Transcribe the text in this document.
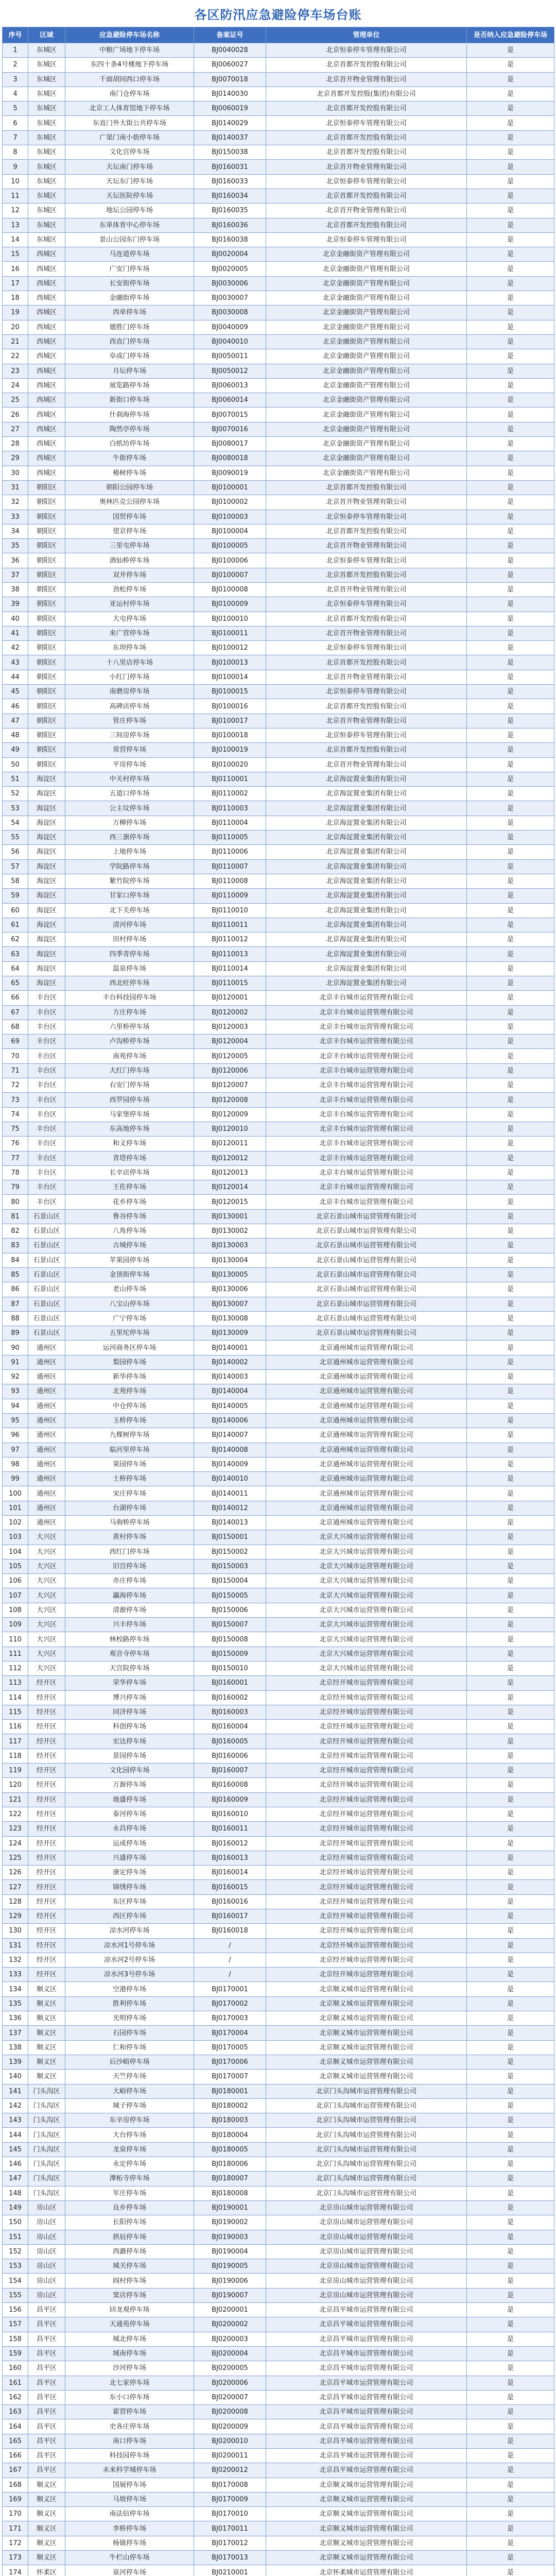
各区防汛应急避险停车场台账
序号	区域	应急避险停车场名称	备案证号	管理单位	是否纳入应急避险停车场
1	东城区	中粮广场地下停车场	BJ0040028	北京恒泰停车管理有限公司	是
2	东城区	东四十条4号楼地下停车场	BJ0060027	北京首都开发控股有限公司	是
3	东城区	千面胡同西口停车场	BJ0070018	北京首开物业管理有限公司	是
4	东城区	南门仓停车场	BJ0140030	北京首都开发控股(集团)有限公司	是
5	东城区	北京工人体育馆地下停车场	BJ0060019	北京首都开发控股有限公司	是
6	东城区	东直门外大街公共停车场	BJ0140029	北京恒泰停车管理有限公司	是
7	东城区	广渠门南小街停车场	BJ0140037	北京首都开发控股有限公司	是
8	东城区	文化宫停车场	BJ0150038	北京首都开发控股有限公司	是
9	东城区	天坛南门停车场	BJ0160031	北京首开物业管理有限公司	是
10	东城区	天坛东门停车场	BJ0160033	北京恒泰停车管理有限公司	是
11	东城区	天坛医院停车场	BJ0160034	北京首都开发控股有限公司	是
12	东城区	地坛公园停车场	BJ0160035	北京首开物业管理有限公司	是
13	东城区	东单体育中心停车场	BJ0160036	北京首都开发控股有限公司	是
14	东城区	景山公园东门停车场	BJ0160038	北京恒泰停车管理有限公司	是
15	西城区	马连道停车场	BJ0020004	北京金融街资产管理有限公司	是
16	西城区	广安门停车场	BJ0020005	北京金融街资产管理有限公司	是
17	西城区	长安街停车场	BJ0030006	北京金融街资产管理有限公司	是
18	西城区	金融街停车场	BJ0030007	北京金融街资产管理有限公司	是
19	西城区	西单停车场	BJ0030008	北京金融街资产管理有限公司	是
20	西城区	德胜门停车场	BJ0040009	北京金融街资产管理有限公司	是
21	西城区	西直门停车场	BJ0040010	北京金融街资产管理有限公司	是
22	西城区	阜成门停车场	BJ0050011	北京金融街资产管理有限公司	是
23	西城区	月坛停车场	BJ0050012	北京金融街资产管理有限公司	是
24	西城区	展览路停车场	BJ0060013	北京金融街资产管理有限公司	是
25	西城区	新街口停车场	BJ0060014	北京金融街资产管理有限公司	是
26	西城区	什刹海停车场	BJ0070015	北京金融街资产管理有限公司	是
27	西城区	陶然亭停车场	BJ0070016	北京金融街资产管理有限公司	是
28	西城区	白纸坊停车场	BJ0080017	北京金融街资产管理有限公司	是
29	西城区	牛街停车场	BJ0080018	北京金融街资产管理有限公司	是
30	西城区	椿树停车场	BJ0090019	北京金融街资产管理有限公司	是
31	朝阳区	朝阳公园停车场	BJ0100001	北京首都开发控股有限公司	是
32	朝阳区	奥林匹克公园停车场	BJ0100002	北京首开物业管理有限公司	是
33	朝阳区	国贸停车场	BJ0100003	北京恒泰停车管理有限公司	是
34	朝阳区	望京停车场	BJ0100004	北京首都开发控股有限公司	是
35	朝阳区	三里屯停车场	BJ0100005	北京首开物业管理有限公司	是
36	朝阳区	酒仙桥停车场	BJ0100006	北京恒泰停车管理有限公司	是
37	朝阳区	双井停车场	BJ0100007	北京首都开发控股有限公司	是
38	朝阳区	劲松停车场	BJ0100008	北京首开物业管理有限公司	是
39	朝阳区	亚运村停车场	BJ0100009	北京恒泰停车管理有限公司	是
40	朝阳区	大屯停车场	BJ0100010	北京首都开发控股有限公司	是
41	朝阳区	来广营停车场	BJ0100011	北京首开物业管理有限公司	是
42	朝阳区	东坝停车场	BJ0100012	北京恒泰停车管理有限公司	是
43	朝阳区	十八里店停车场	BJ0100013	北京首都开发控股有限公司	是
44	朝阳区	小红门停车场	BJ0100014	北京首开物业管理有限公司	是
45	朝阳区	南磨房停车场	BJ0100015	北京恒泰停车管理有限公司	是
46	朝阳区	高碑店停车场	BJ0100016	北京首都开发控股有限公司	是
47	朝阳区	管庄停车场	BJ0100017	北京首开物业管理有限公司	是
48	朝阳区	三间房停车场	BJ0100018	北京恒泰停车管理有限公司	是
49	朝阳区	常营停车场	BJ0100019	北京首都开发控股有限公司	是
50	朝阳区	平房停车场	BJ0100020	北京首开物业管理有限公司	是
51	海淀区	中关村停车场	BJ0110001	北京海淀置业集团有限公司	是
52	海淀区	五道口停车场	BJ0110002	北京海淀置业集团有限公司	是
53	海淀区	公主坟停车场	BJ0110003	北京海淀置业集团有限公司	是
54	海淀区	万柳停车场	BJ0110004	北京海淀置业集团有限公司	是
55	海淀区	西三旗停车场	BJ0110005	北京海淀置业集团有限公司	是
56	海淀区	上地停车场	BJ0110006	北京海淀置业集团有限公司	是
57	海淀区	学院路停车场	BJ0110007	北京海淀置业集团有限公司	是
58	海淀区	紫竹院停车场	BJ0110008	北京海淀置业集团有限公司	是
59	海淀区	甘家口停车场	BJ0110009	北京海淀置业集团有限公司	是
60	海淀区	北下关停车场	BJ0110010	北京海淀置业集团有限公司	是
61	海淀区	清河停车场	BJ0110011	北京海淀置业集团有限公司	是
62	海淀区	田村停车场	BJ0110012	北京海淀置业集团有限公司	是
63	海淀区	四季青停车场	BJ0110013	北京海淀置业集团有限公司	是
64	海淀区	温泉停车场	BJ0110014	北京海淀置业集团有限公司	是
65	海淀区	西北旺停车场	BJ0110015	北京海淀置业集团有限公司	是
66	丰台区	丰台科技园停车场	BJ0120001	北京丰台城市运营管理有限公司	是
67	丰台区	方庄停车场	BJ0120002	北京丰台城市运营管理有限公司	是
68	丰台区	六里桥停车场	BJ0120003	北京丰台城市运营管理有限公司	是
69	丰台区	卢沟桥停车场	BJ0120004	北京丰台城市运营管理有限公司	是
70	丰台区	南苑停车场	BJ0120005	北京丰台城市运营管理有限公司	是
71	丰台区	大红门停车场	BJ0120006	北京丰台城市运营管理有限公司	是
72	丰台区	右安门停车场	BJ0120007	北京丰台城市运营管理有限公司	是
73	丰台区	西罗园停车场	BJ0120008	北京丰台城市运营管理有限公司	是
74	丰台区	马家堡停车场	BJ0120009	北京丰台城市运营管理有限公司	是
75	丰台区	东高地停车场	BJ0120010	北京丰台城市运营管理有限公司	是
76	丰台区	和义停车场	BJ0120011	北京丰台城市运营管理有限公司	是
77	丰台区	青塔停车场	BJ0120012	北京丰台城市运营管理有限公司	是
78	丰台区	长辛店停车场	BJ0120013	北京丰台城市运营管理有限公司	是
79	丰台区	王佐停车场	BJ0120014	北京丰台城市运营管理有限公司	是
80	丰台区	花乡停车场	BJ0120015	北京丰台城市运营管理有限公司	是
81	石景山区	鲁谷停车场	BJ0130001	北京石景山城市运营管理有限公司	是
82	石景山区	八角停车场	BJ0130002	北京石景山城市运营管理有限公司	是
83	石景山区	古城停车场	BJ0130003	北京石景山城市运营管理有限公司	是
84	石景山区	苹果园停车场	BJ0130004	北京石景山城市运营管理有限公司	是
85	石景山区	金顶街停车场	BJ0130005	北京石景山城市运营管理有限公司	是
86	石景山区	老山停车场	BJ0130006	北京石景山城市运营管理有限公司	是
87	石景山区	八宝山停车场	BJ0130007	北京石景山城市运营管理有限公司	是
88	石景山区	广宁停车场	BJ0130008	北京石景山城市运营管理有限公司	是
89	石景山区	五里坨停车场	BJ0130009	北京石景山城市运营管理有限公司	是
90	通州区	运河商务区停车场	BJ0140001	北京通州城市运营管理有限公司	是
91	通州区	梨园停车场	BJ0140002	北京通州城市运营管理有限公司	是
92	通州区	新华停车场	BJ0140003	北京通州城市运营管理有限公司	是
93	通州区	北苑停车场	BJ0140004	北京通州城市运营管理有限公司	是
94	通州区	中仓停车场	BJ0140005	北京通州城市运营管理有限公司	是
95	通州区	玉桥停车场	BJ0140006	北京通州城市运营管理有限公司	是
96	通州区	九棵树停车场	BJ0140007	北京通州城市运营管理有限公司	是
97	通州区	临河里停车场	BJ0140008	北京通州城市运营管理有限公司	是
98	通州区	果园停车场	BJ0140009	北京通州城市运营管理有限公司	是
99	通州区	土桥停车场	BJ0140010	北京通州城市运营管理有限公司	是
100	通州区	宋庄停车场	BJ0140011	北京通州城市运营管理有限公司	是
101	通州区	台湖停车场	BJ0140012	北京通州城市运营管理有限公司	是
102	通州区	马驹桥停车场	BJ0140013	北京通州城市运营管理有限公司	是
103	大兴区	黄村停车场	BJ0150001	北京大兴城市运营管理有限公司	是
104	大兴区	西红门停车场	BJ0150002	北京大兴城市运营管理有限公司	是
105	大兴区	旧宫停车场	BJ0150003	北京大兴城市运营管理有限公司	是
106	大兴区	亦庄停车场	BJ0150004	北京大兴城市运营管理有限公司	是
107	大兴区	瀛海停车场	BJ0150005	北京大兴城市运营管理有限公司	是
108	大兴区	清源停车场	BJ0150006	北京大兴城市运营管理有限公司	是
109	大兴区	兴丰停车场	BJ0150007	北京大兴城市运营管理有限公司	是
110	大兴区	林校路停车场	BJ0150008	北京大兴城市运营管理有限公司	是
111	大兴区	观音寺停车场	BJ0150009	北京大兴城市运营管理有限公司	是
112	大兴区	天宫院停车场	BJ0150010	北京大兴城市运营管理有限公司	是
113	经开区	荣华停车场	BJ0160001	北京经开城市运营管理有限公司	是
114	经开区	博兴停车场	BJ0160002	北京经开城市运营管理有限公司	是
115	经开区	同济停车场	BJ0160003	北京经开城市运营管理有限公司	是
116	经开区	科创停车场	BJ0160004	北京经开城市运营管理有限公司	是
117	经开区	宏达停车场	BJ0160005	北京经开城市运营管理有限公司	是
118	经开区	景园停车场	BJ0160006	北京经开城市运营管理有限公司	是
119	经开区	文化园停车场	BJ0160007	北京经开城市运营管理有限公司	是
120	经开区	万源停车场	BJ0160008	北京经开城市运营管理有限公司	是
121	经开区	地盛停车场	BJ0160009	北京经开城市运营管理有限公司	是
122	经开区	泰河停车场	BJ0160010	北京经开城市运营管理有限公司	是
123	经开区	永昌停车场	BJ0160011	北京经开城市运营管理有限公司	是
124	经开区	运成停车场	BJ0160012	北京经开城市运营管理有限公司	是
125	经开区	兴盛停车场	BJ0160013	北京经开城市运营管理有限公司	是
126	经开区	康定停车场	BJ0160014	北京经开城市运营管理有限公司	是
127	经开区	锦绣停车场	BJ0160015	北京经开城市运营管理有限公司	是
128	经开区	东区停车场	BJ0160016	北京经开城市运营管理有限公司	是
129	经开区	西区停车场	BJ0160017	北京经开城市运营管理有限公司	是
130	经开区	凉水河停车场	BJ0160018	北京经开城市运营管理有限公司	是
131	经开区	凉水河1号停车场	/	北京经开城市运营管理有限公司	是
132	经开区	凉水河2号停车场	/	北京经开城市运营管理有限公司	是
133	经开区	凉水河3号停车场	/	北京经开城市运营管理有限公司	是
134	顺义区	空港停车场	BJ0170001	北京顺义城市运营管理有限公司	是
135	顺义区	胜利停车场	BJ0170002	北京顺义城市运营管理有限公司	是
136	顺义区	光明停车场	BJ0170003	北京顺义城市运营管理有限公司	是
137	顺义区	石园停车场	BJ0170004	北京顺义城市运营管理有限公司	是
138	顺义区	仁和停车场	BJ0170005	北京顺义城市运营管理有限公司	是
139	顺义区	后沙峪停车场	BJ0170006	北京顺义城市运营管理有限公司	是
140	顺义区	天竺停车场	BJ0170007	北京顺义城市运营管理有限公司	是
141	门头沟区	大峪停车场	BJ0180001	北京门头沟城市运营管理有限公司	是
142	门头沟区	城子停车场	BJ0180002	北京门头沟城市运营管理有限公司	是
143	门头沟区	东辛房停车场	BJ0180003	北京门头沟城市运营管理有限公司	是
144	门头沟区	大台停车场	BJ0180004	北京门头沟城市运营管理有限公司	是
145	门头沟区	龙泉停车场	BJ0180005	北京门头沟城市运营管理有限公司	是
146	门头沟区	永定停车场	BJ0180006	北京门头沟城市运营管理有限公司	是
147	门头沟区	潭柘寺停车场	BJ0180007	北京门头沟城市运营管理有限公司	是
148	门头沟区	军庄停车场	BJ0180008	北京门头沟城市运营管理有限公司	是
149	房山区	良乡停车场	BJ0190001	北京房山城市运营管理有限公司	是
150	房山区	长阳停车场	BJ0190002	北京房山城市运营管理有限公司	是
151	房山区	拱辰停车场	BJ0190003	北京房山城市运营管理有限公司	是
152	房山区	西潞停车场	BJ0190004	北京房山城市运营管理有限公司	是
153	房山区	城关停车场	BJ0190005	北京房山城市运营管理有限公司	是
154	房山区	阎村停车场	BJ0190006	北京房山城市运营管理有限公司	是
155	房山区	窦店停车场	BJ0190007	北京房山城市运营管理有限公司	是
156	昌平区	回龙观停车场	BJ0200001	北京昌平城市运营管理有限公司	是
157	昌平区	天通苑停车场	BJ0200002	北京昌平城市运营管理有限公司	是
158	昌平区	城北停车场	BJ0200003	北京昌平城市运营管理有限公司	是
159	昌平区	城南停车场	BJ0200004	北京昌平城市运营管理有限公司	是
160	昌平区	沙河停车场	BJ0200005	北京昌平城市运营管理有限公司	是
161	昌平区	北七家停车场	BJ0200006	北京昌平城市运营管理有限公司	是
162	昌平区	东小口停车场	BJ0200007	北京昌平城市运营管理有限公司	是
163	昌平区	霍营停车场	BJ0200008	北京昌平城市运营管理有限公司	是
164	昌平区	史各庄停车场	BJ0200009	北京昌平城市运营管理有限公司	是
165	昌平区	南口停车场	BJ0200010	北京昌平城市运营管理有限公司	是
166	昌平区	科技园停车场	BJ0200011	北京昌平城市运营管理有限公司	是
167	昌平区	未来科学城停车场	BJ0200012	北京昌平城市运营管理有限公司	是
168	顺义区	国展停车场	BJ0170008	北京顺义城市运营管理有限公司	是
169	顺义区	马坡停车场	BJ0170009	北京顺义城市运营管理有限公司	是
170	顺义区	南法信停车场	BJ0170010	北京顺义城市运营管理有限公司	是
171	顺义区	李桥停车场	BJ0170011	北京顺义城市运营管理有限公司	是
172	顺义区	杨镇停车场	BJ0170012	北京顺义城市运营管理有限公司	是
173	顺义区	牛栏山停车场	BJ0170013	北京顺义城市运营管理有限公司	是
174	怀柔区	泉河停车场	BJ0210001	北京怀柔城市运营管理有限公司	是
